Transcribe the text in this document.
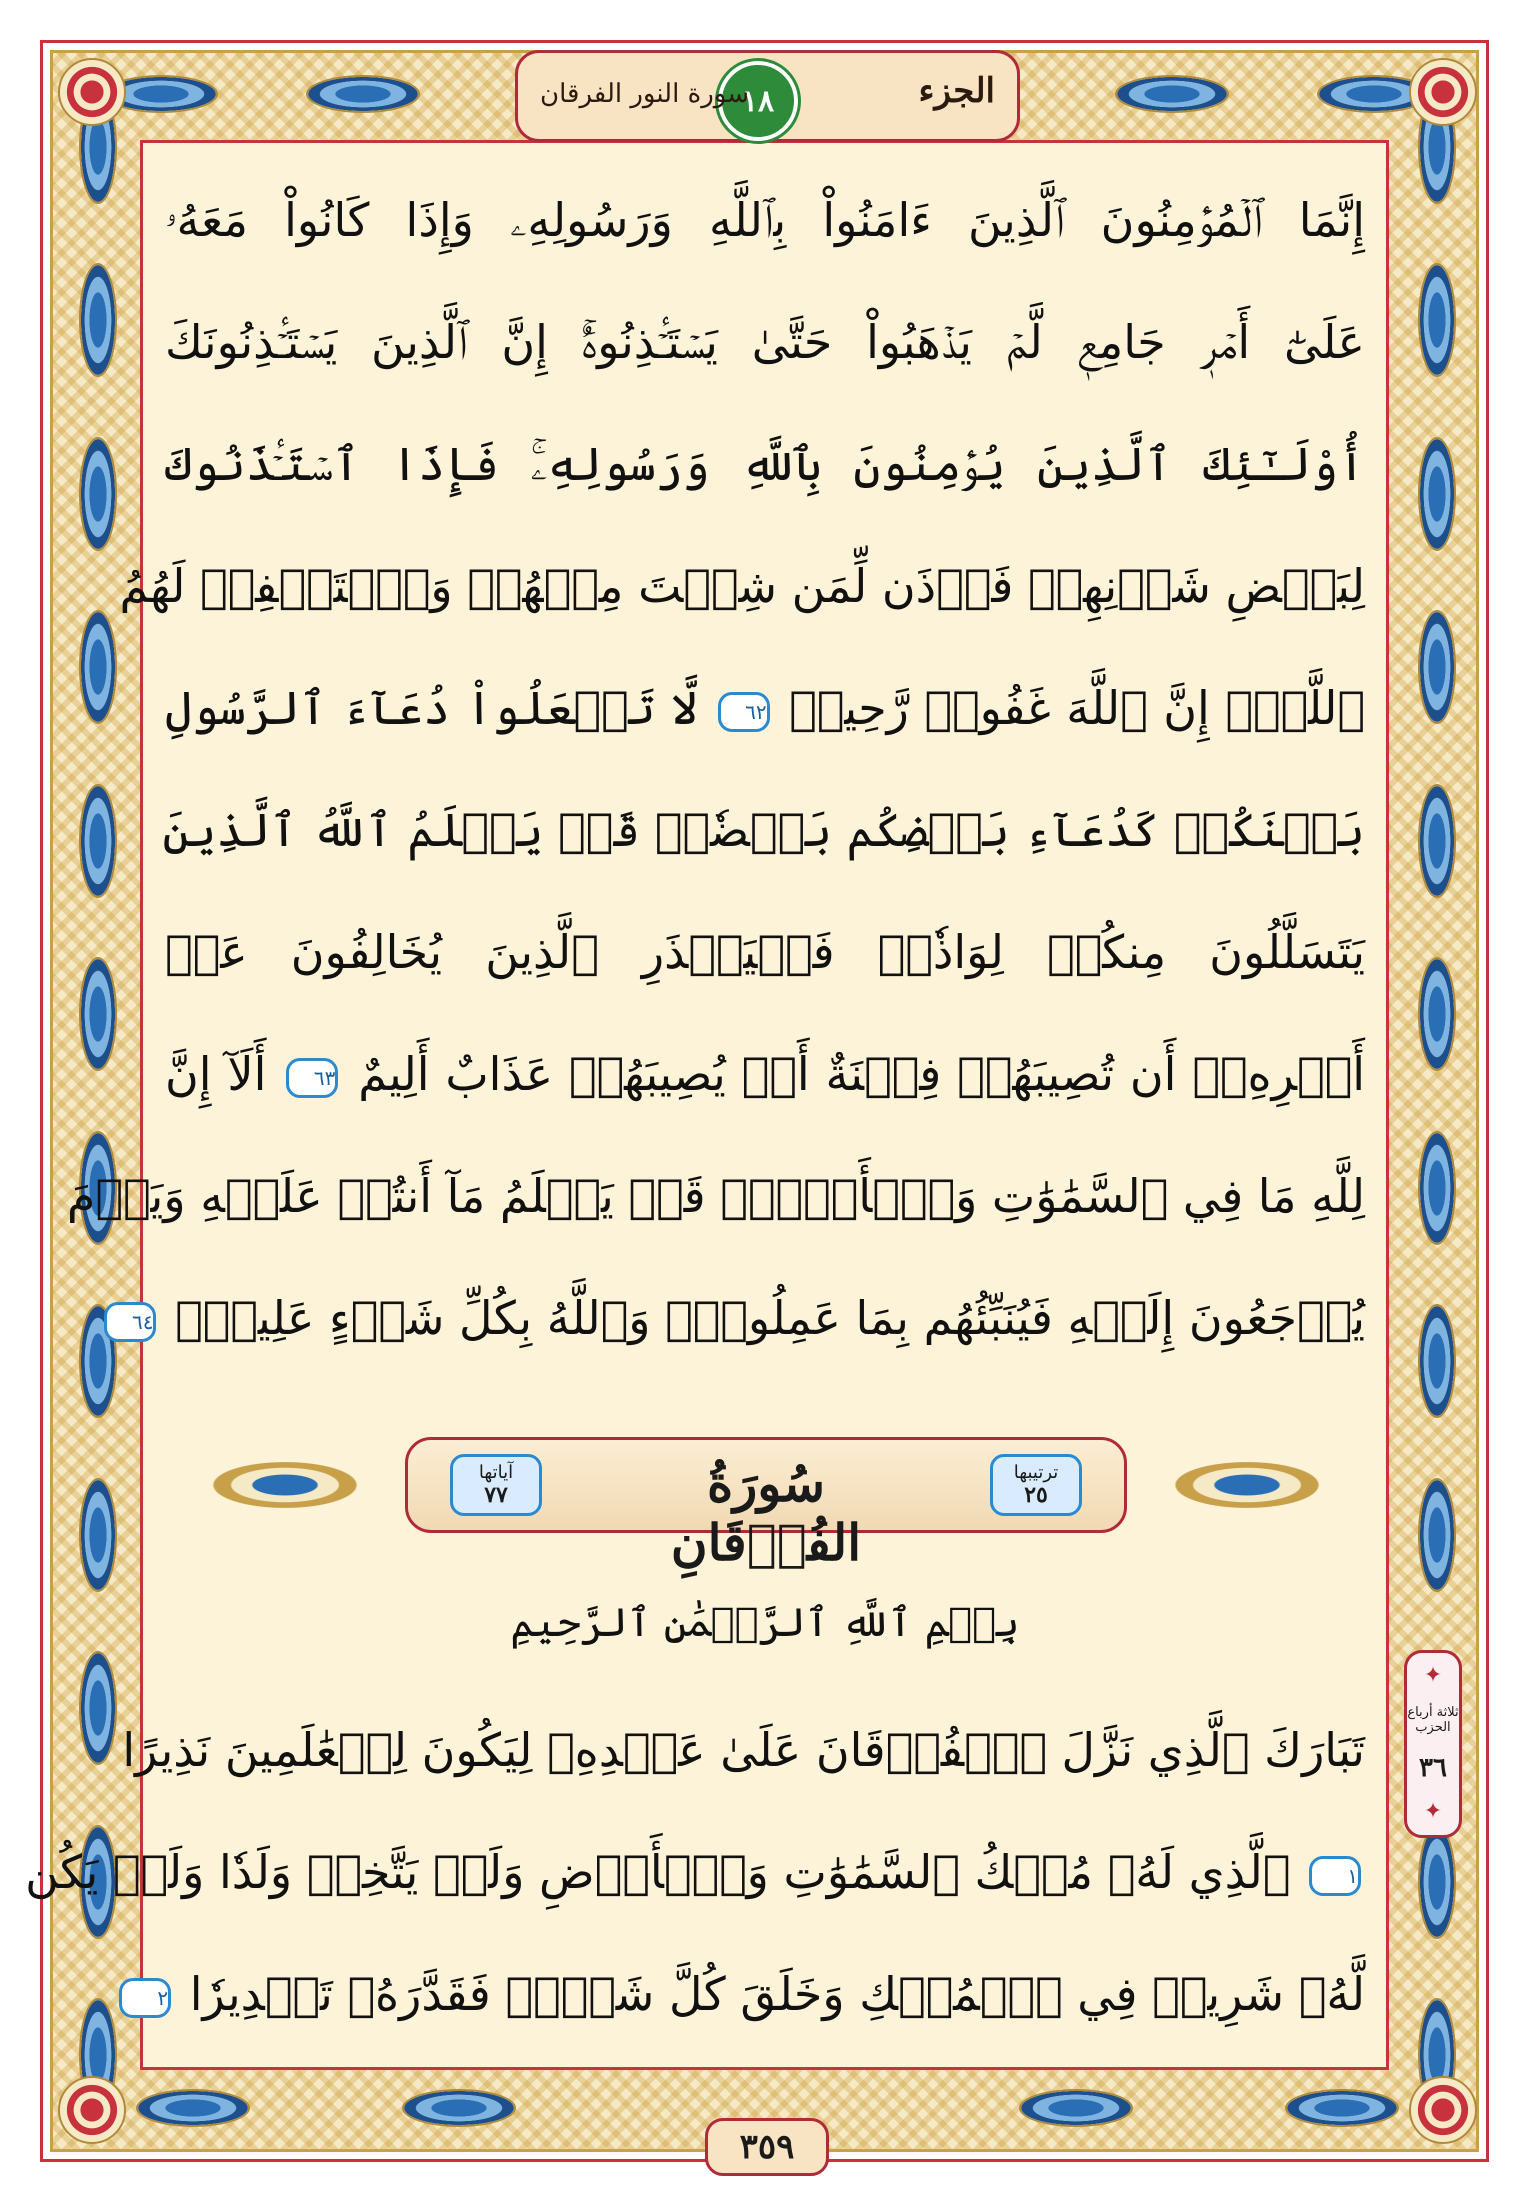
الجزء
١٨
سورة النور الفرقان
إِنَّمَا ٱلۡمُؤۡمِنُونَ ٱلَّذِينَ ءَامَنُواْ بِٱللَّهِ وَرَسُولِهِۦ وَإِذَا كَانُواْ مَعَهُۥ
عَلَىٰٓ أَمۡرٖ جَامِعٖ لَّمۡ يَذۡهَبُواْ حَتَّىٰ يَسۡتَـٔۡذِنُوهُۚ إِنَّ ٱلَّذِينَ يَسۡتَـٔۡذِنُونَكَ
أُوْلَـٰٓئِكَ ٱلَّذِينَ يُؤۡمِنُونَ بِٱللَّهِ وَرَسُولِهِۦۚ فَإِذَا ٱسۡتَـٔۡذَنُوكَ
لِبَعۡضِ شَأۡنِهِمۡ فَأۡذَن لِّمَن شِئۡتَ مِنۡهُمۡ وَٱسۡتَغۡفِرۡ لَهُمُ
ٱللَّهَۚ إِنَّ ٱللَّهَ غَفُورٞ رَّحِيمٞ ٦٢ لَّا تَجۡعَلُواْ دُعَآءَ ٱلرَّسُولِ
بَيۡنَكُمۡ كَدُعَآءِ بَعۡضِكُم بَعۡضٗاۚ قَدۡ يَعۡلَمُ ٱللَّهُ ٱلَّذِينَ
يَتَسَلَّلُونَ مِنكُمۡ لِوَاذٗاۚ فَلۡيَحۡذَرِ ٱلَّذِينَ يُخَالِفُونَ عَنۡ
أَمۡرِهِۦٓ أَن تُصِيبَهُمۡ فِتۡنَةٌ أَوۡ يُصِيبَهُمۡ عَذَابٌ أَلِيمٌ ٦٣ أَلَآ إِنَّ
لِلَّهِ مَا فِي ٱلسَّمَٰوَٰتِ وَٱلۡأَرۡضِۖ قَدۡ يَعۡلَمُ مَآ أَنتُمۡ عَلَيۡهِ وَيَوۡمَ
يُرۡجَعُونَ إِلَيۡهِ فَيُنَبِّئُهُم بِمَا عَمِلُواْۗ وَٱللَّهُ بِكُلِّ شَيۡءٍ عَلِيمُۢ ٦٤
ترتيبها
٢٥
سُورَةُ الفُرۡقَانِ
آياتها
٧٧
بِسۡمِ ٱللَّهِ ٱلرَّحۡمَٰنِ ٱلرَّحِيمِ
تَبَارَكَ ٱلَّذِي نَزَّلَ ٱلۡفُرۡقَانَ عَلَىٰ عَبۡدِهِۦ لِيَكُونَ لِلۡعَٰلَمِينَ نَذِيرًا
١ ٱلَّذِي لَهُۥ مُلۡكُ ٱلسَّمَٰوَٰتِ وَٱلۡأَرۡضِ وَلَمۡ يَتَّخِذۡ وَلَدٗا وَلَمۡ يَكُن
لَّهُۥ شَرِيكٞ فِي ٱلۡمُلۡكِ وَخَلَقَ كُلَّ شَيۡءٖ فَقَدَّرَهُۥ تَقۡدِيرٗا ٢
✦
ثلاثة أرباع الحزب
٣٦
✦
٣٥٩
